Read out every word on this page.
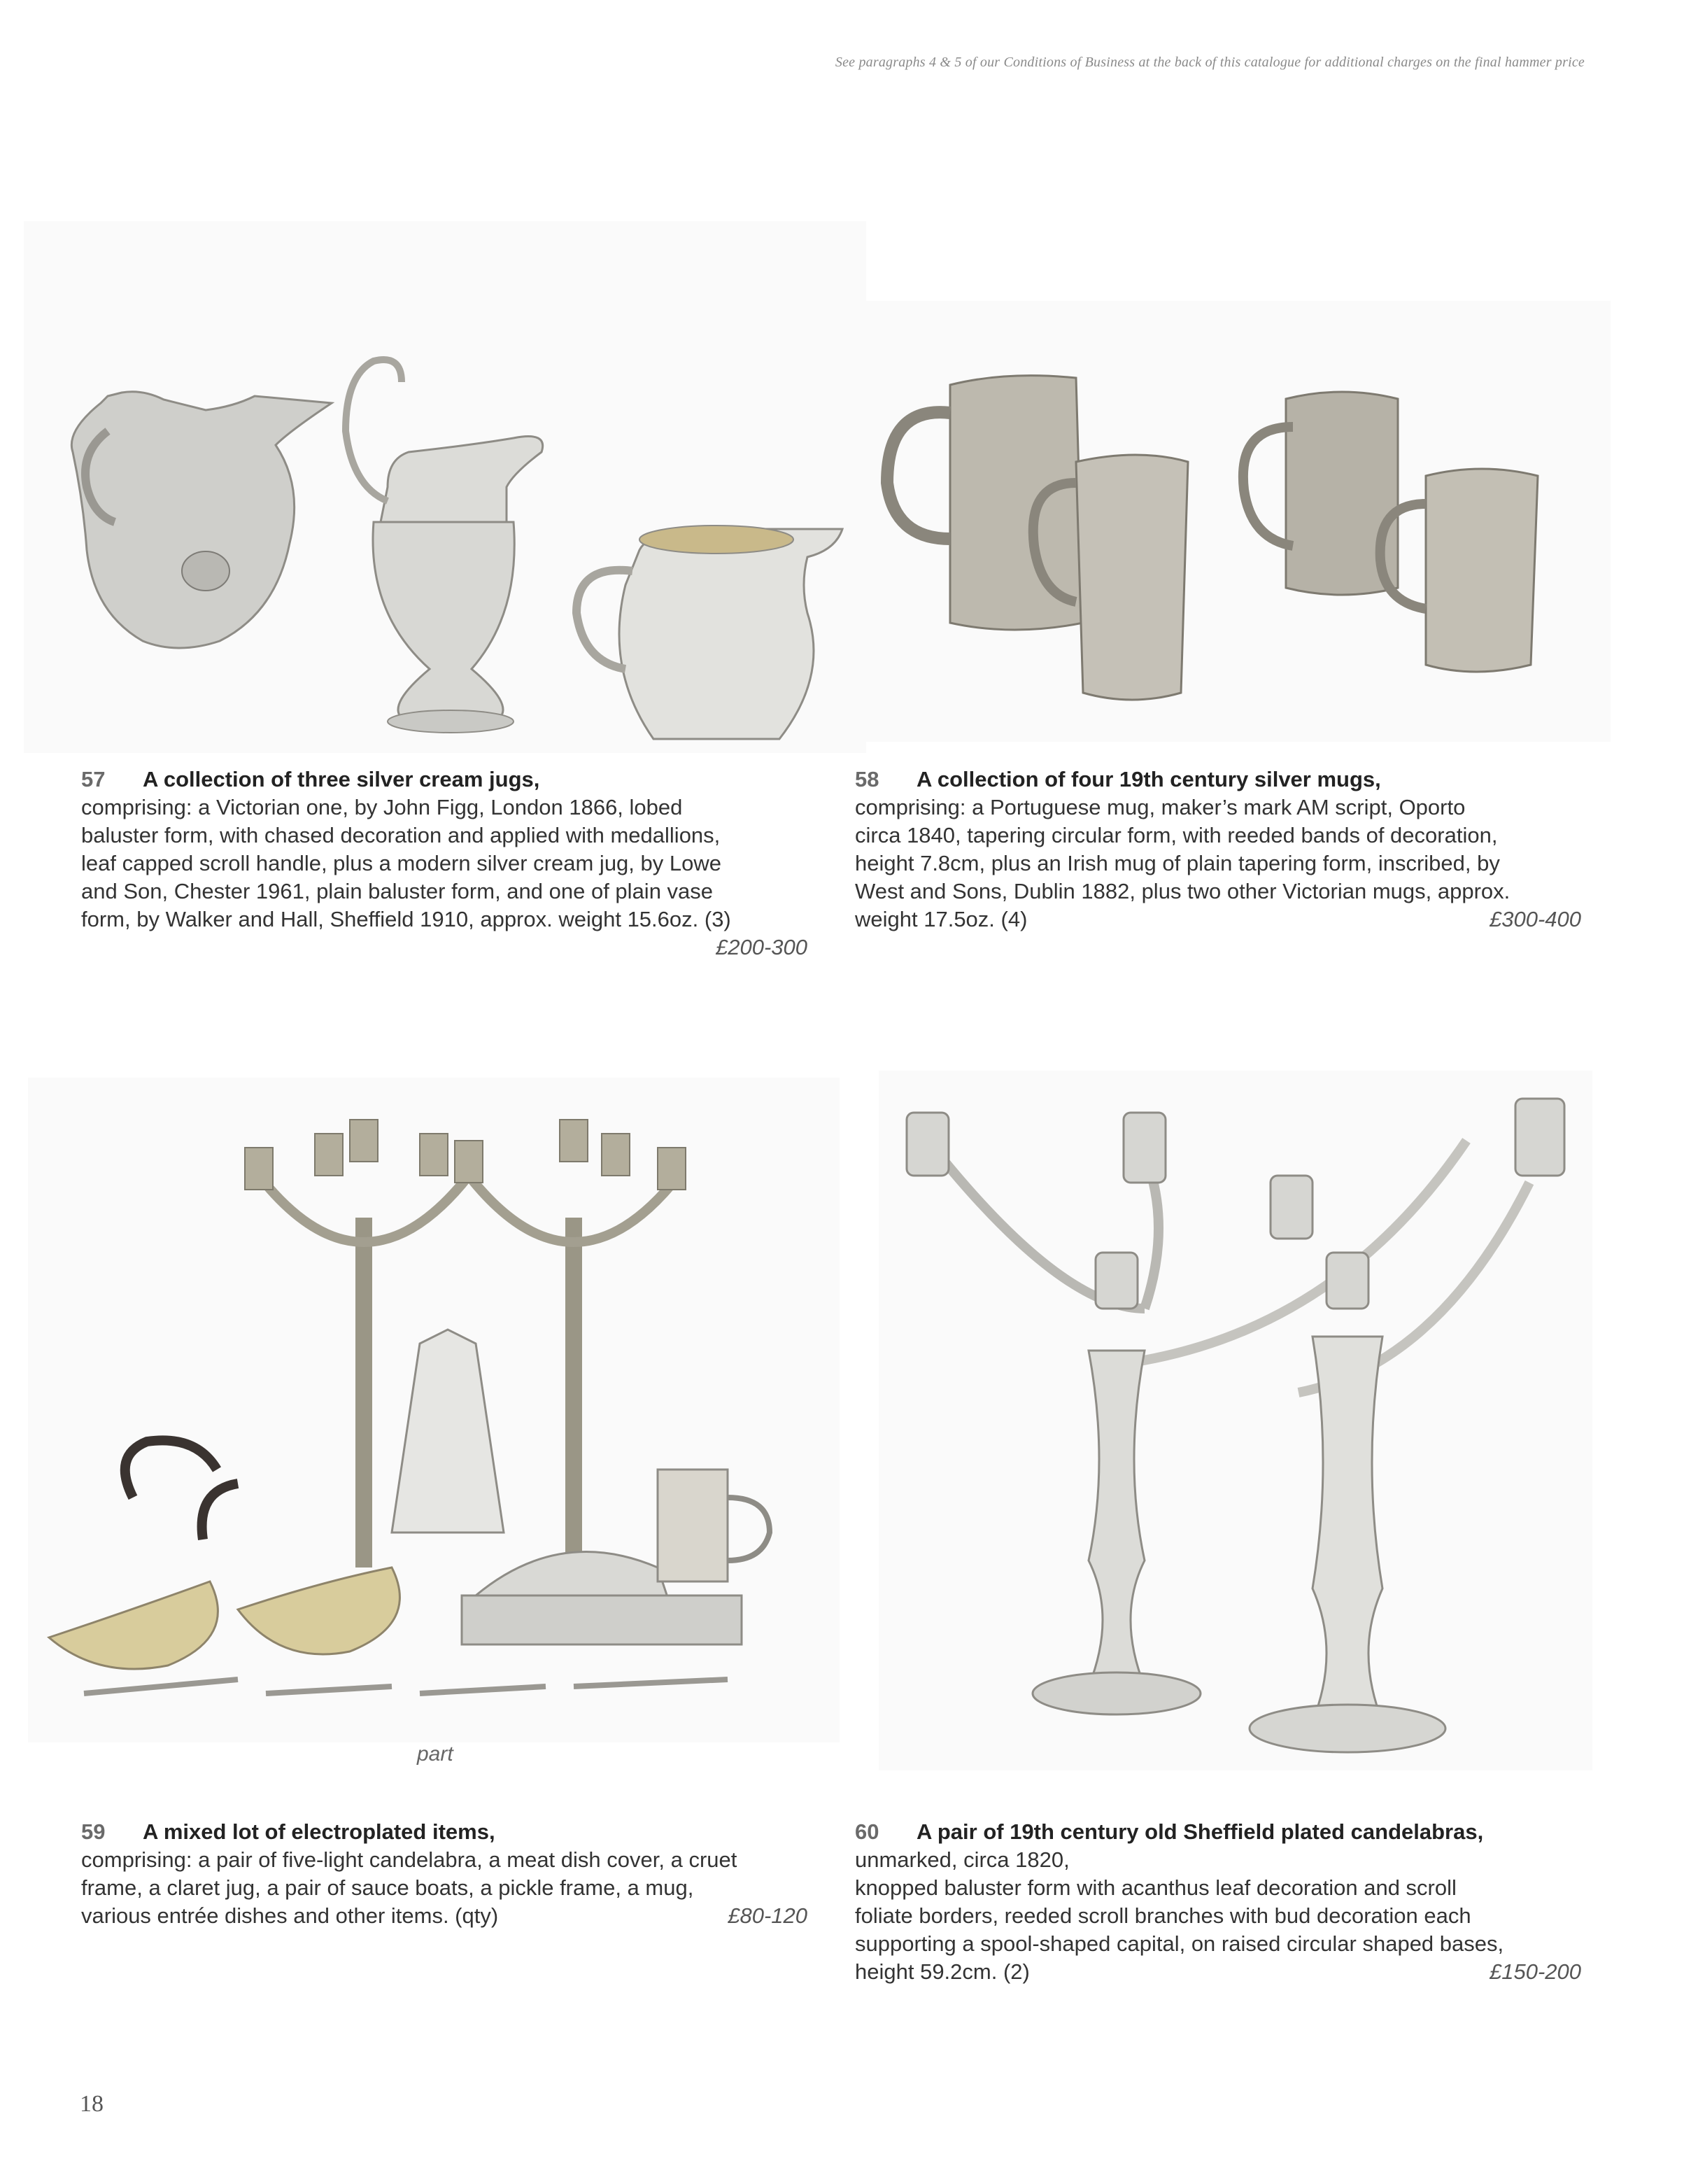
See paragraphs 4 & 5 of our Conditions of Business at the back of this catalogue for additional charges on the final hammer price
57 A collection of three silver cream jugs,
comprising: a Victorian one, by John Figg, London 1866, lobed
baluster form, with chased decoration and applied with medallions,
leaf capped scroll handle, plus a modern silver cream jug, by Lowe
and Son, Chester 1961, plain baluster form, and one of plain vase
form, by Walker and Hall, Sheffield 1910, approx. weight 15.6oz. (3)
£200-300
58 A collection of four 19th century silver mugs,
comprising: a Portuguese mug, maker’s mark AM script, Oporto
circa 1840, tapering circular form, with reeded bands of decoration,
height 7.8cm, plus an Irish mug of plain tapering form, inscribed, by
West and Sons, Dublin 1882, plus two other Victorian mugs, approx.
weight 17.5oz. (4)	£300-400
part
59 A mixed lot of electroplated items,
comprising: a pair of five-light candelabra, a meat dish cover, a cruet
frame, a claret jug, a pair of sauce boats, a pickle frame, a mug,
various entrée dishes and other items. (qty)	£80-120
60 A pair of 19th century old Sheffield plated candelabras,
unmarked, circa 1820,
knopped baluster form with acanthus leaf decoration and scroll
foliate borders, reeded scroll branches with bud decoration each
supporting a spool-shaped capital, on raised circular shaped bases,
height 59.2cm. (2)	£150-200
18
